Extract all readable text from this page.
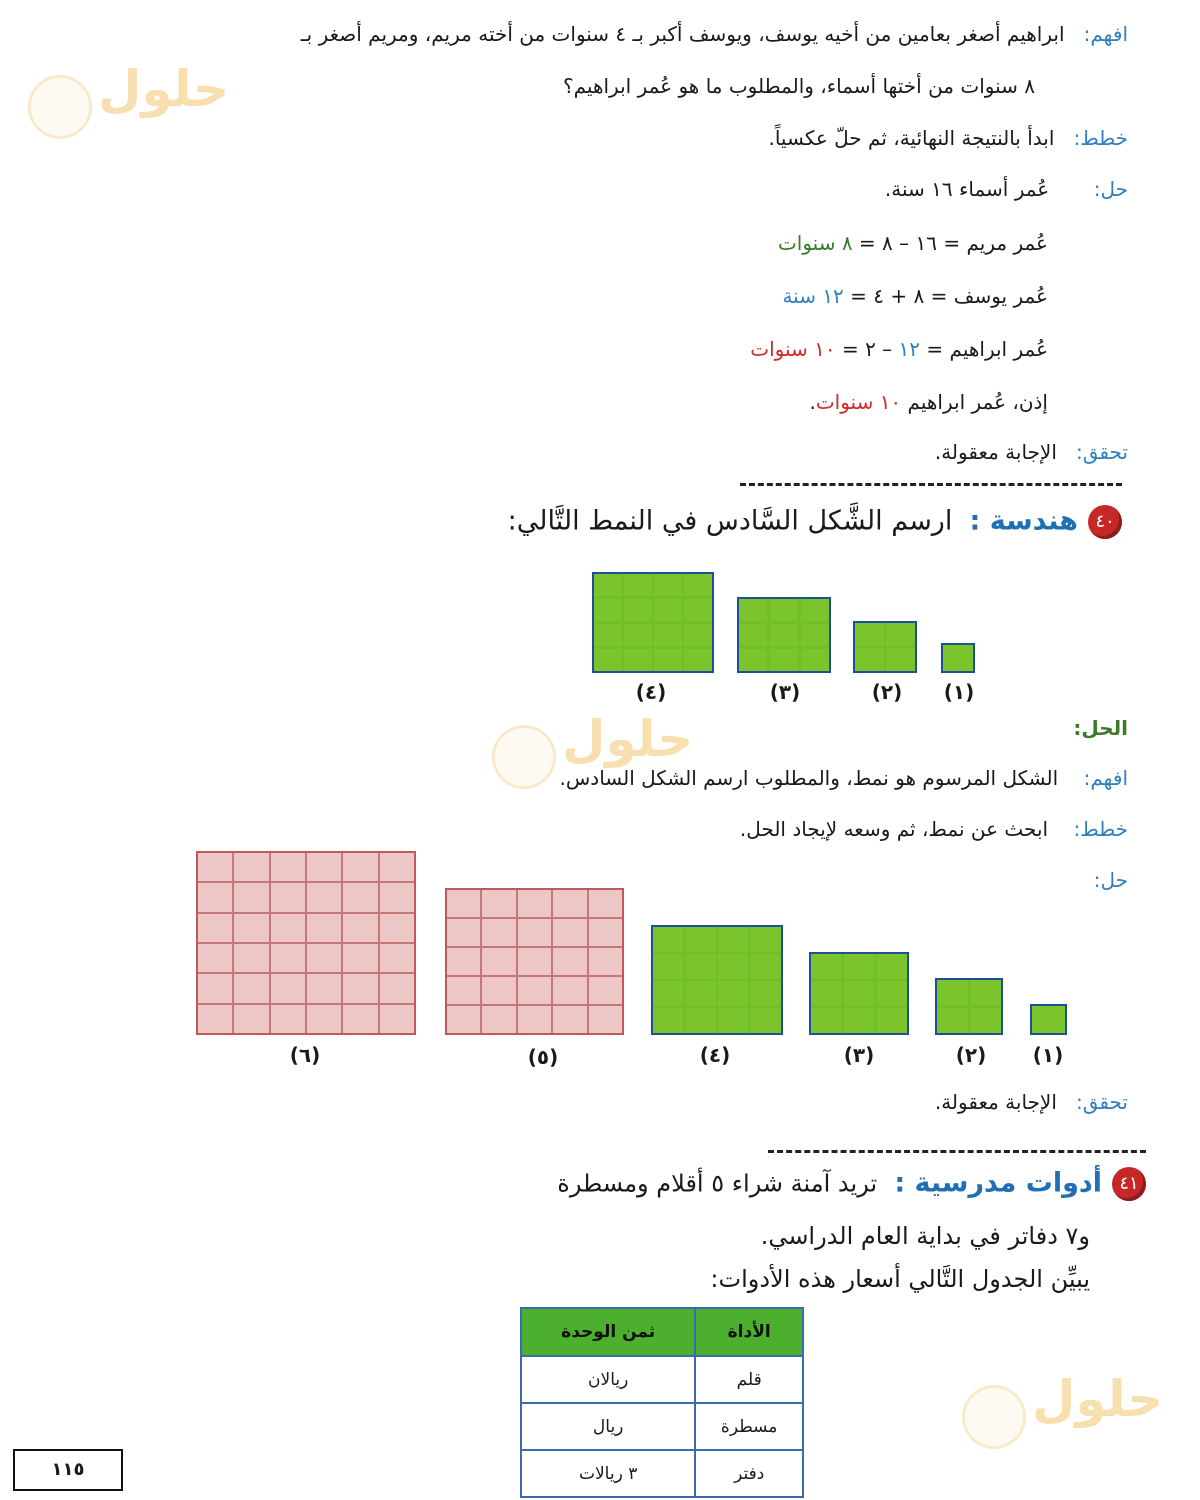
حلول
حلول
حلول
افهم:   ابراهيم أصغر بعامين من أخيه يوسف، ويوسف أكبر بـ ٤ سنوات من أخته مريم، ومريم أصغر بـ
٨ سنوات من أختها أسماء، والمطلوب ما هو عُمر ابراهيم؟
خطط:   ابدأ بالنتيجة النهائية، ثم حلّ عكسياً.
حل:       عُمر أسماء ١٦ سنة.
عُمر مريم = ١٦ – ٨ = ٨ سنوات
عُمر يوسف = ٨ + ٤ = ١٢ سنة
عُمر ابراهيم = ١٢ – ٢ = ١٠ سنوات
إذن، عُمر ابراهيم ١٠ سنوات.
تحقق:   الإجابة معقولة.
٤٠هندسة :  ارسم الشَّكل السَّادس في النمط التَّالي:
(١)
(٢)
(٣)
(٤)
الحل:
افهم:    الشكل المرسوم هو نمط، والمطلوب ارسم الشكل السادس.
خطط:    ابحث عن نمط، ثم وسعه لإيجاد الحل.
حل:
(١)
(٢)
(٣)
(٤)
(٥)
(٦)
تحقق:   الإجابة معقولة.
٤١أدوات مدرسية :  تريد آمنة شراء ٥ أقلام ومسطرة
و٧ دفاتر في بداية العام الدراسي.
يبيِّن الجدول التَّالي أسعار هذه الأدوات:
الأداة	ثمن الوحدة
قلم	ريالان
مسطرة	ريال
دفتر	٣ ريالات
١١٥
